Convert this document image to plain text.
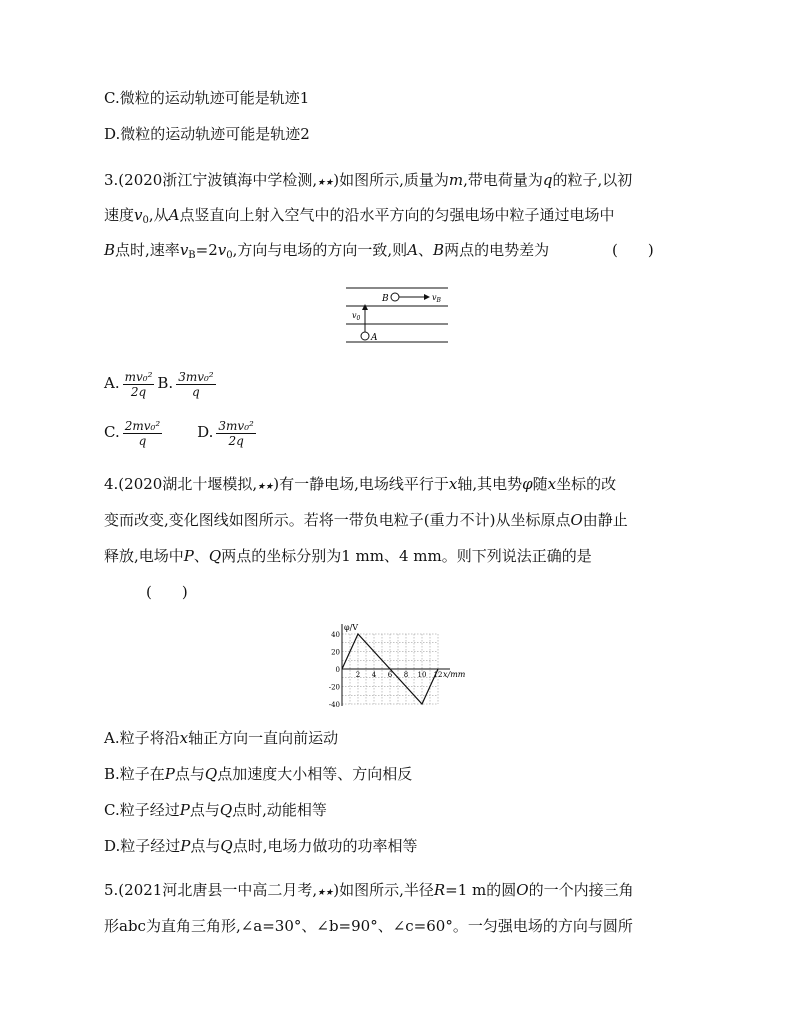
C.微粒的运动轨迹可能是轨迹1
D.微粒的运动轨迹可能是轨迹2
3.(2020浙江宁波镇海中学检测,★★)如图所示,质量为m,带电荷量为q的粒子,以初
速度$v_0$,从A点竖直向上射入空气中的沿水平方向的匀强电场中粒子通过电场中
B点时,速率$v_B=2v_0$,方向与电场的方向一致,则A、B两点的电势差为	(　　)
B	$v_B$
$v_0$
A
A. $\frac{\text{mv₀²}}{2q} B$. $\frac{\text{3mv₀²}}{q}$
C. $\frac{\text{2mv₀²}}{q} D$. $\frac{\text{3mv₀²}}{2q}$
4.(2020湖北十堰模拟,★★)有一静电场,电场线平行于x轴,其电势φ随x坐标的改
变而改变,变化图线如图所示。若将一带负电粒子(重力不计)从坐标原点O由静止
释放,电场中P、Q两点的坐标分别为1 mm、4 mm。则下列说法正确的是
(　　)
40
20
0
-20
-40
2 4 6 8 10 12
φ/V
x/mm
A.粒子将沿x轴正方向一直向前运动
B.粒子在P点与Q点加速度大小相等、方向相反
C.粒子经过P点与Q点时,动能相等
D.粒子经过P点与Q点时,电场力做功的功率相等
5.(2021河北唐县一中高二月考,★★)如图所示,半径R=1 m的圆O的一个内接三角
形abc为直角三角形,∠a=30°、∠b=90°、∠c=60°。一匀强电场的方向与圆所
